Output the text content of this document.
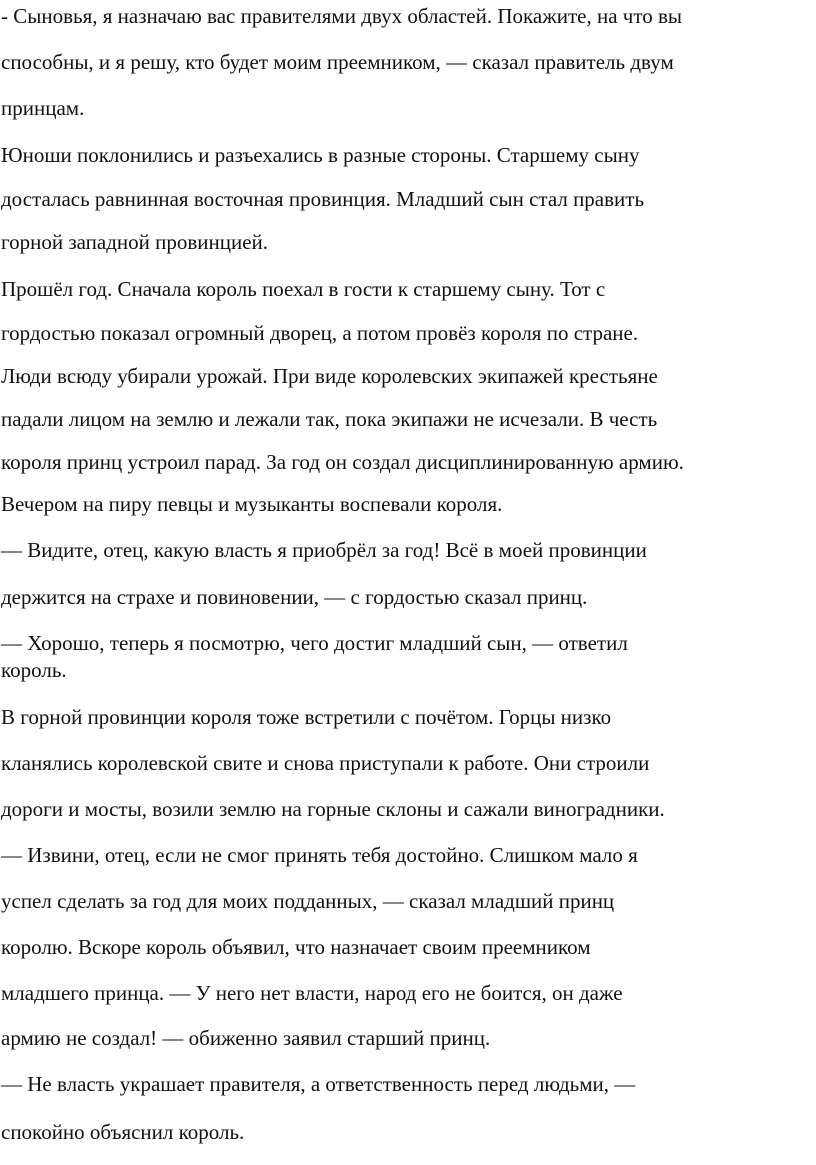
- Сыновья, я назначаю вас правителями двух областей. Покажите, на что вы
способны, и я решу, кто будет моим преемником, — сказал правитель двум
принцам.
Юноши поклонились и разъехались в разные стороны. Старшему сыну
досталась равнинная восточная провинция. Младший сын стал править
горной западной провинцией.
Прошёл год. Сначала король поехал в гости к старшему сыну. Тот с
гордостью показал огромный дворец, а потом провёз короля по стране.
Люди всюду убирали урожай. При виде королевских экипажей крестьяне
падали лицом на землю и лежали так, пока экипажи не исчезали. В честь
короля принц устроил парад. За год он создал дисциплинированную армию.
Вечером на пиру певцы и музыканты воспевали короля.
— Видите, отец, какую власть я приобрёл за год! Всё в моей провинции
держится на страхе и повиновении, — с гордостью сказал принц.
— Хорошо, теперь я посмотрю, чего достиг младший сын, — ответил
король.
В горной провинции короля тоже встретили с почётом. Горцы низко
кланялись королевской свите и снова приступали к работе. Они строили
дороги и мосты, возили землю на горные склоны и сажали виноградники.
— Извини, отец, если не смог принять тебя достойно. Слишком мало я
успел сделать за год для моих подданных, — сказал младший принц
королю. Вскоре король объявил, что назначает своим преемником
младшего принца. — У него нет власти, народ его не боится, он даже
армию не создал! — обиженно заявил старший принц.
— Не власть украшает правителя, а ответственность перед людьми, —
спокойно объяснил король.
